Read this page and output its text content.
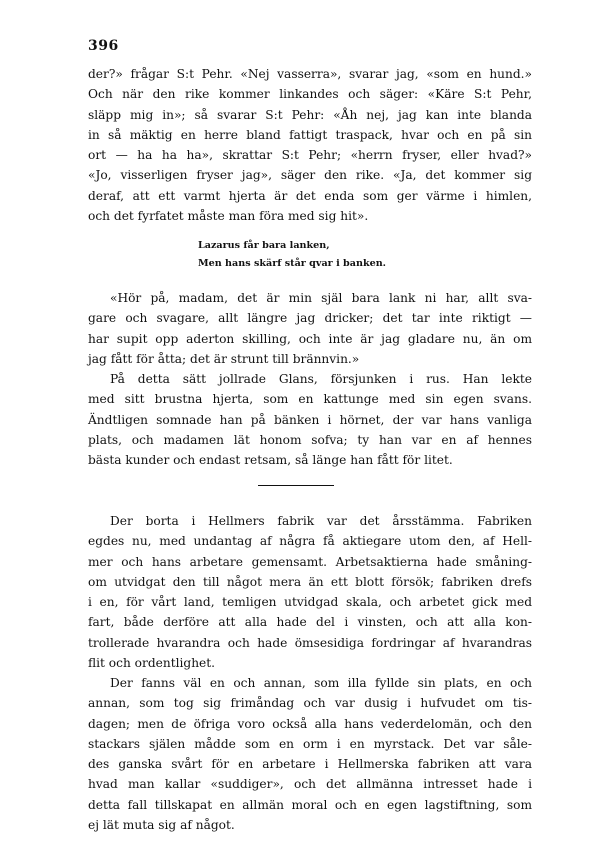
396
der?» frågar S:t Pehr. «Nej vasserra», svarar jag, «som en hund.»
Och när den rike kommer linkandes och säger: «Käre S:t Pehr,
släpp mig in»; så svarar S:t Pehr: «Åh nej, jag kan inte blanda
in så mäktig en herre bland fattigt traspack, hvar och en på sin
ort — ha ha ha», skrattar S:t Pehr; «herrn fryser, eller hvad?»
«Jo, visserligen fryser jag», säger den rike. «Ja, det kommer sig
deraf, att ett varmt hjerta är det enda som ger värme i himlen,
och det fyrfatet måste man föra med sig hit».
Lazarus får bara lanken,
Men hans skärf står qvar i banken.
«Hör på, madam, det är min själ bara lank ni har, allt sva-
gare och svagare, allt längre jag dricker; det tar inte riktigt —
har supit opp aderton skilling, och inte är jag gladare nu, än om
jag fått för åtta; det är strunt till brännvin.»
På detta sätt jollrade Glans, försjunken i rus. Han lekte
med sitt brustna hjerta, som en kattunge med sin egen svans.
Ändtligen somnade han på bänken i hörnet, der var hans vanliga
plats, och madamen lät honom sofva; ty han var en af hennes
bästa kunder och endast retsam, så länge han fått för litet.
Der borta i Hellmers fabrik var det årsstämma. Fabriken
egdes nu, med undantag af några få aktiegare utom den, af Hell-
mer och hans arbetare gemensamt. Arbetsaktierna hade småning-
om utvidgat den till något mera än ett blott försök; fabriken drefs
i en, för vårt land, temligen utvidgad skala, och arbetet gick med
fart, både derföre att alla hade del i vinsten, och att alla kon-
trollerade hvarandra och hade ömsesidiga fordringar af hvarandras
flit och ordentlighet.
Der fanns väl en och annan, som illa fyllde sin plats, en och
annan, som tog sig frimåndag och var dusig i hufvudet om tis-
dagen; men de öfriga voro också alla hans vederdelomän, och den
stackars själen mådde som en orm i en myrstack. Det var såle-
des ganska svårt för en arbetare i Hellmerska fabriken att vara
hvad man kallar «suddiger», och det allmänna intresset hade i
detta fall tillskapat en allmän moral och en egen lagstiftning, som
ej lät muta sig af något.
